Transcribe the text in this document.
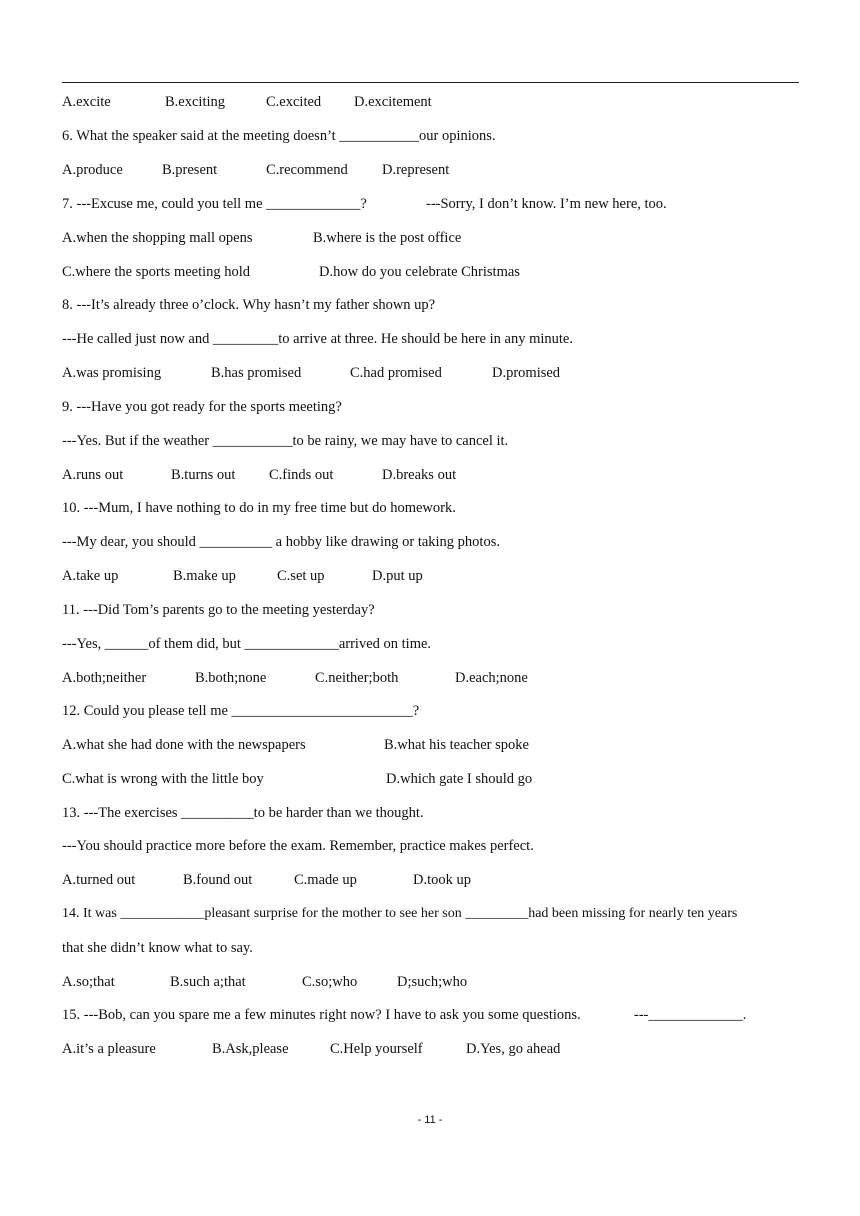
A.excite	B.exciting	C.excited D.excitement
6. What the speaker said at the meeting doesn’t ___________our opinions.
A.produce	B.present	C.recommend D.represent
7. ---Excuse me, could you tell me _____________?	---Sorry, I don’t know. I’m new here, too.
A.when the shopping mall opens	B.where is the post office
C.where the sports meeting hold	D.how do you celebrate Christmas
8. ---It’s already three o’clock. Why hasn’t my father shown up?
---He called just now and _________to arrive at three. He should be here in any minute.
A.was promising	B.has promised	C.had promised	D.promised
9. ---Have you got ready for the sports meeting?
---Yes. But if the weather ___________to be rainy, we may have to cancel it.
A.runs out	B.turns out C.finds out	D.breaks out
10. ---Mum, I have nothing to do in my free time but do homework.
---My dear, you should __________ a hobby like drawing or taking photos.
A.take up	B.make up	C.set up	D.put up
11. ---Did Tom’s parents go to the meeting yesterday?
---Yes, ______of them did, but _____________arrived on time.
A.both;neither	B.both;none	C.neither;both	D.each;none
12. Could you please tell me _________________________?
A.what she had done with the newspapers	B.what his teacher spoke
C.what is wrong with the little boy	D.which gate I should go
13. ---The exercises __________to be harder than we thought.
---You should practice more before the exam. Remember, practice makes perfect.
A.turned out	B.found out	C.made up	D.took up
14. It was ____________pleasant surprise for the mother to see her son _________had been missing for nearly ten years
that she didn’t know what to say.
A.so;that	B.such a;that	C.so;who	D;such;who
15. ---Bob, can you spare me a few minutes right now? I have to ask you some questions.	---_____________.
A.it’s a pleasure	B.Ask,please	C.Help yourself	D.Yes, go ahead
- 11 -
